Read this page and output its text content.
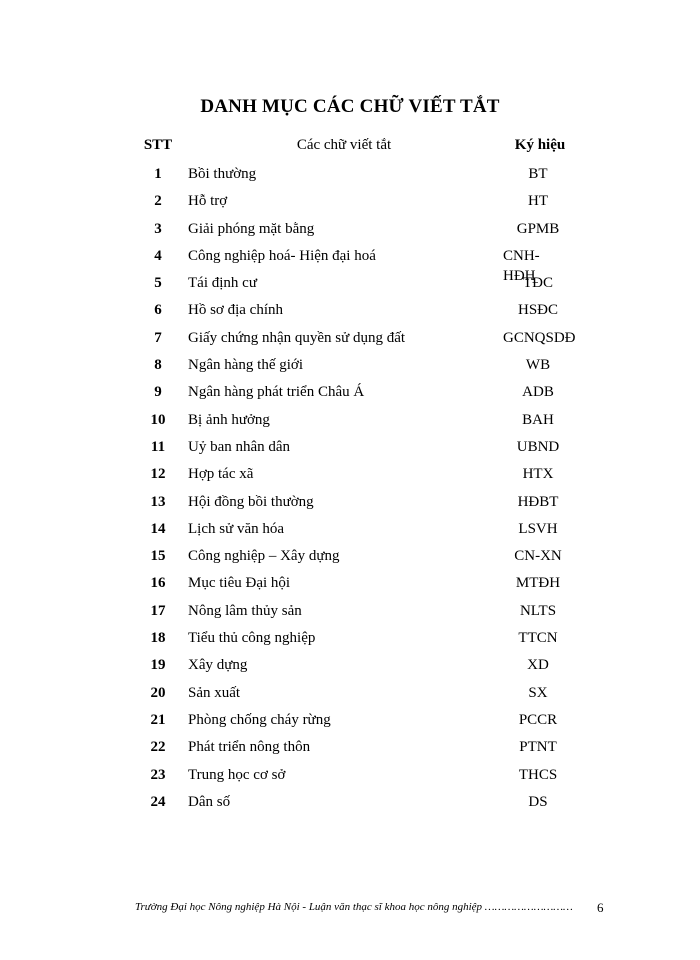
DANH MỤC CÁC CHỮ VIẾT TẮT
STT	Các chữ viết tắt	Ký hiệu
1	Bồi thường	BT
2	Hỗ trợ	HT
3	Giải phóng mặt bằng	GPMB
4	Công nghiệp hoá- Hiện đại hoá	CNH-HĐH
5	Tái định cư	TĐC
6	Hồ sơ địa chính	HSĐC
7	Giấy chứng nhận quyền sử dụng đất	GCNQSDĐ
8	Ngân hàng thế giới	WB
9	Ngân hàng phát triển Châu Á	ADB
10	Bị ảnh hưởng	BAH
11	Uỷ ban nhân dân	UBND
12	Hợp tác xã	HTX
13	Hội đồng bồi thường	HĐBT
14	Lịch sử văn hóa	LSVH
15	Công nghiệp – Xây dựng	CN-XN
16	Mục tiêu Đại hội	MTĐH
17	Nông lâm thủy sản	NLTS
18	Tiểu thủ công nghiệp	TTCN
19	Xây dựng	XD
20	Sản xuất	SX
21	Phòng chống cháy rừng	PCCR
22	Phát triển nông thôn	PTNT
23	Trung học cơ sở	THCS
24	Dân số	DS
Trường Đại học Nông nghiệp Hà Nội - Luận văn thạc sĩ khoa học nông nghiệp ……………………… 6
